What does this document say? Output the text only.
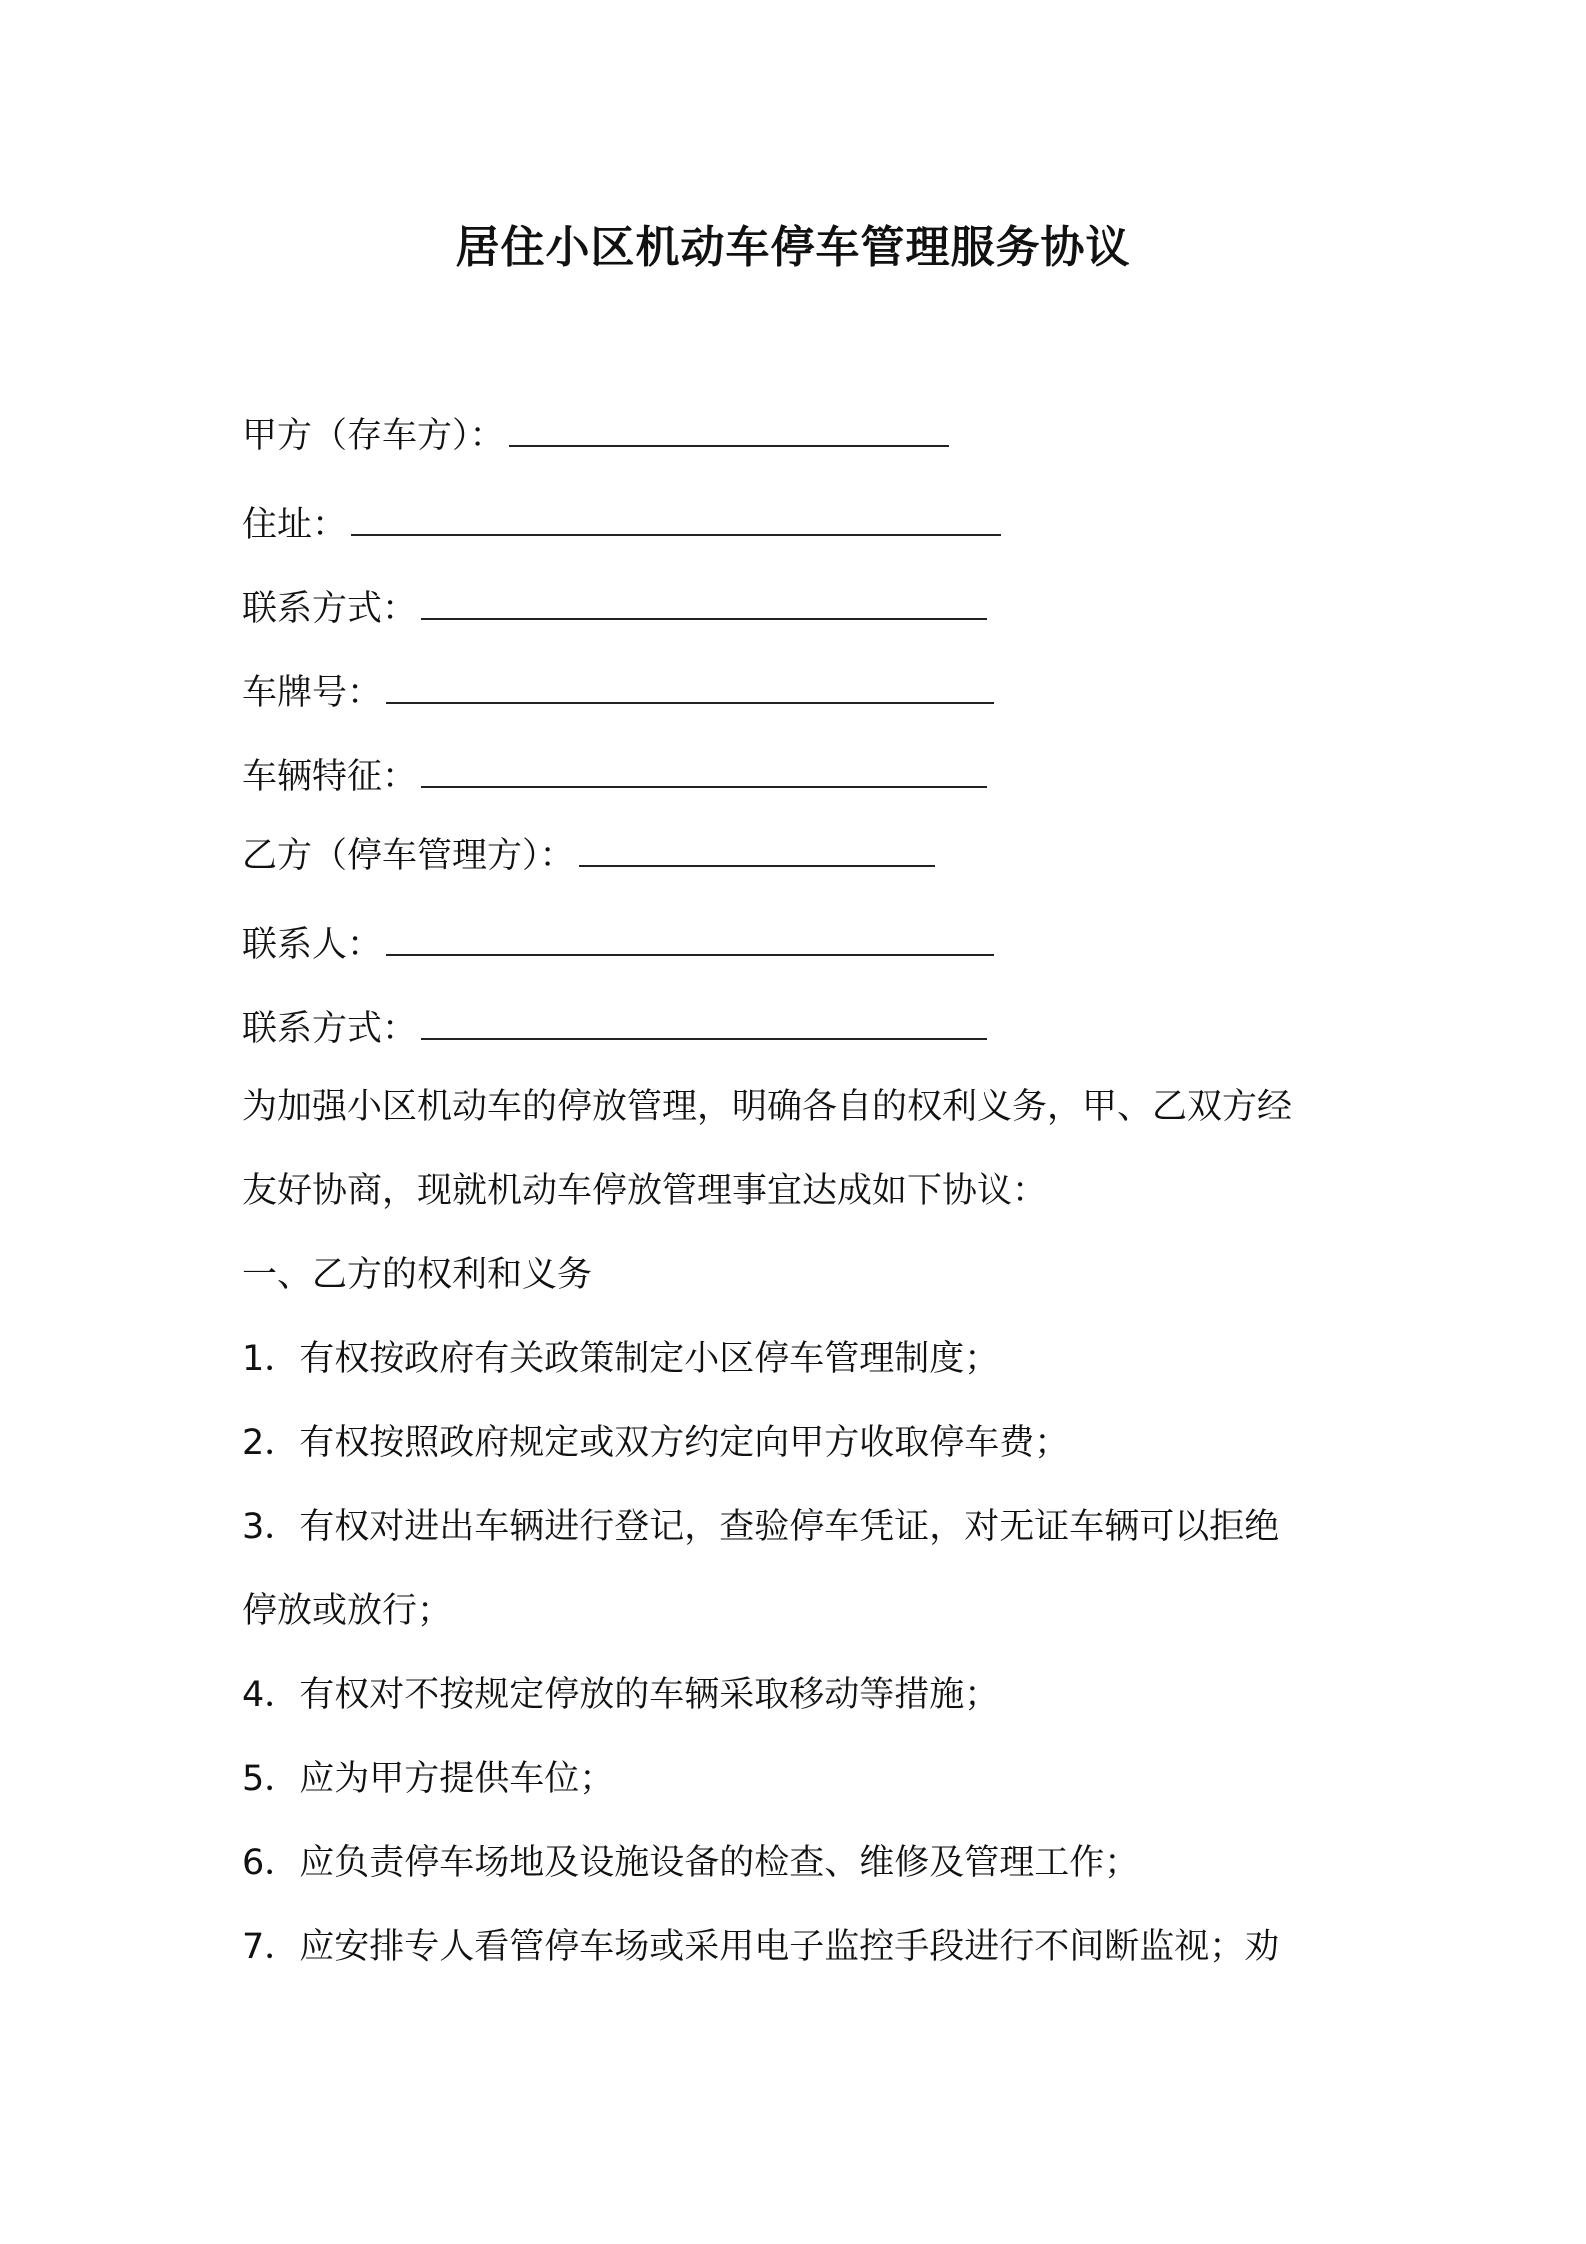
居住小区机动车停车管理服务协议
甲方（存车方）：
住址：
联系方式：
车牌号：
车辆特征：
乙方（停车管理方）：
联系人：
联系方式：
为加强小区机动车的停放管理，明确各自的权利义务，甲、乙双方经
友好协商，现就机动车停放管理事宜达成如下协议：
一、乙方的权利和义务
1．有权按政府有关政策制定小区停车管理制度；
2．有权按照政府规定或双方约定向甲方收取停车费；
3．有权对进出车辆进行登记，查验停车凭证，对无证车辆可以拒绝
停放或放行；
4．有权对不按规定停放的车辆采取移动等措施；
5．应为甲方提供车位；
6．应负责停车场地及设施设备的检查、维修及管理工作；
7．应安排专人看管停车场或采用电子监控手段进行不间断监视；劝
